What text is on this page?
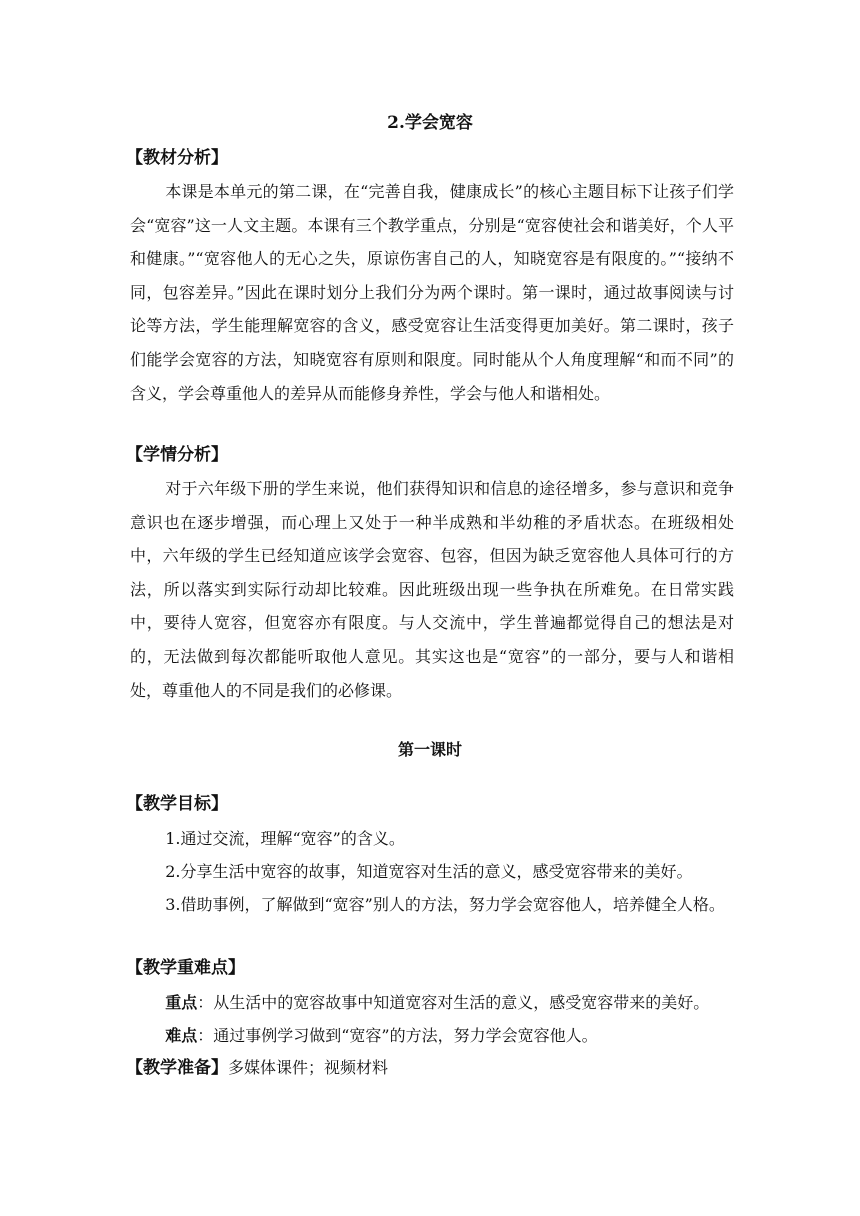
2.学会宽容
【教材分析】
本课是本单元的第二课，在“完善自我，健康成长”的核心主题目标下让孩子们学会“宽容”这一人文主题。本课有三个教学重点，分别是“宽容使社会和谐美好，个人平和健康。”“宽容他人的无心之失，原谅伤害自己的人，知晓宽容是有限度的。”“接纳不同，包容差异。”因此在课时划分上我们分为两个课时。第一课时，通过故事阅读与讨论等方法，学生能理解宽容的含义，感受宽容让生活变得更加美好。第二课时，孩子们能学会宽容的方法，知晓宽容有原则和限度。同时能从个人角度理解“和而不同”的含义，学会尊重他人的差异从而能修身养性，学会与他人和谐相处。
【学情分析】
对于六年级下册的学生来说，他们获得知识和信息的途径增多，参与意识和竞争意识也在逐步增强，而心理上又处于一种半成熟和半幼稚的矛盾状态。在班级相处中，六年级的学生已经知道应该学会宽容、包容，但因为缺乏宽容他人具体可行的方法，所以落实到实际行动却比较难。因此班级出现一些争执在所难免。在日常实践中，要待人宽容，但宽容亦有限度。与人交流中，学生普遍都觉得自己的想法是对的，无法做到每次都能听取他人意见。其实这也是“宽容”的一部分，要与人和谐相处，尊重他人的不同是我们的必修课。
第一课时
【教学目标】
1.通过交流，理解“宽容”的含义。
2.分享生活中宽容的故事，知道宽容对生活的意义，感受宽容带来的美好。
3.借助事例，了解做到“宽容”别人的方法，努力学会宽容他人，培养健全人格。
【教学重难点】
重点：从生活中的宽容故事中知道宽容对生活的意义，感受宽容带来的美好。
难点：通过事例学习做到“宽容”的方法，努力学会宽容他人。
【教学准备】多媒体课件；视频材料
